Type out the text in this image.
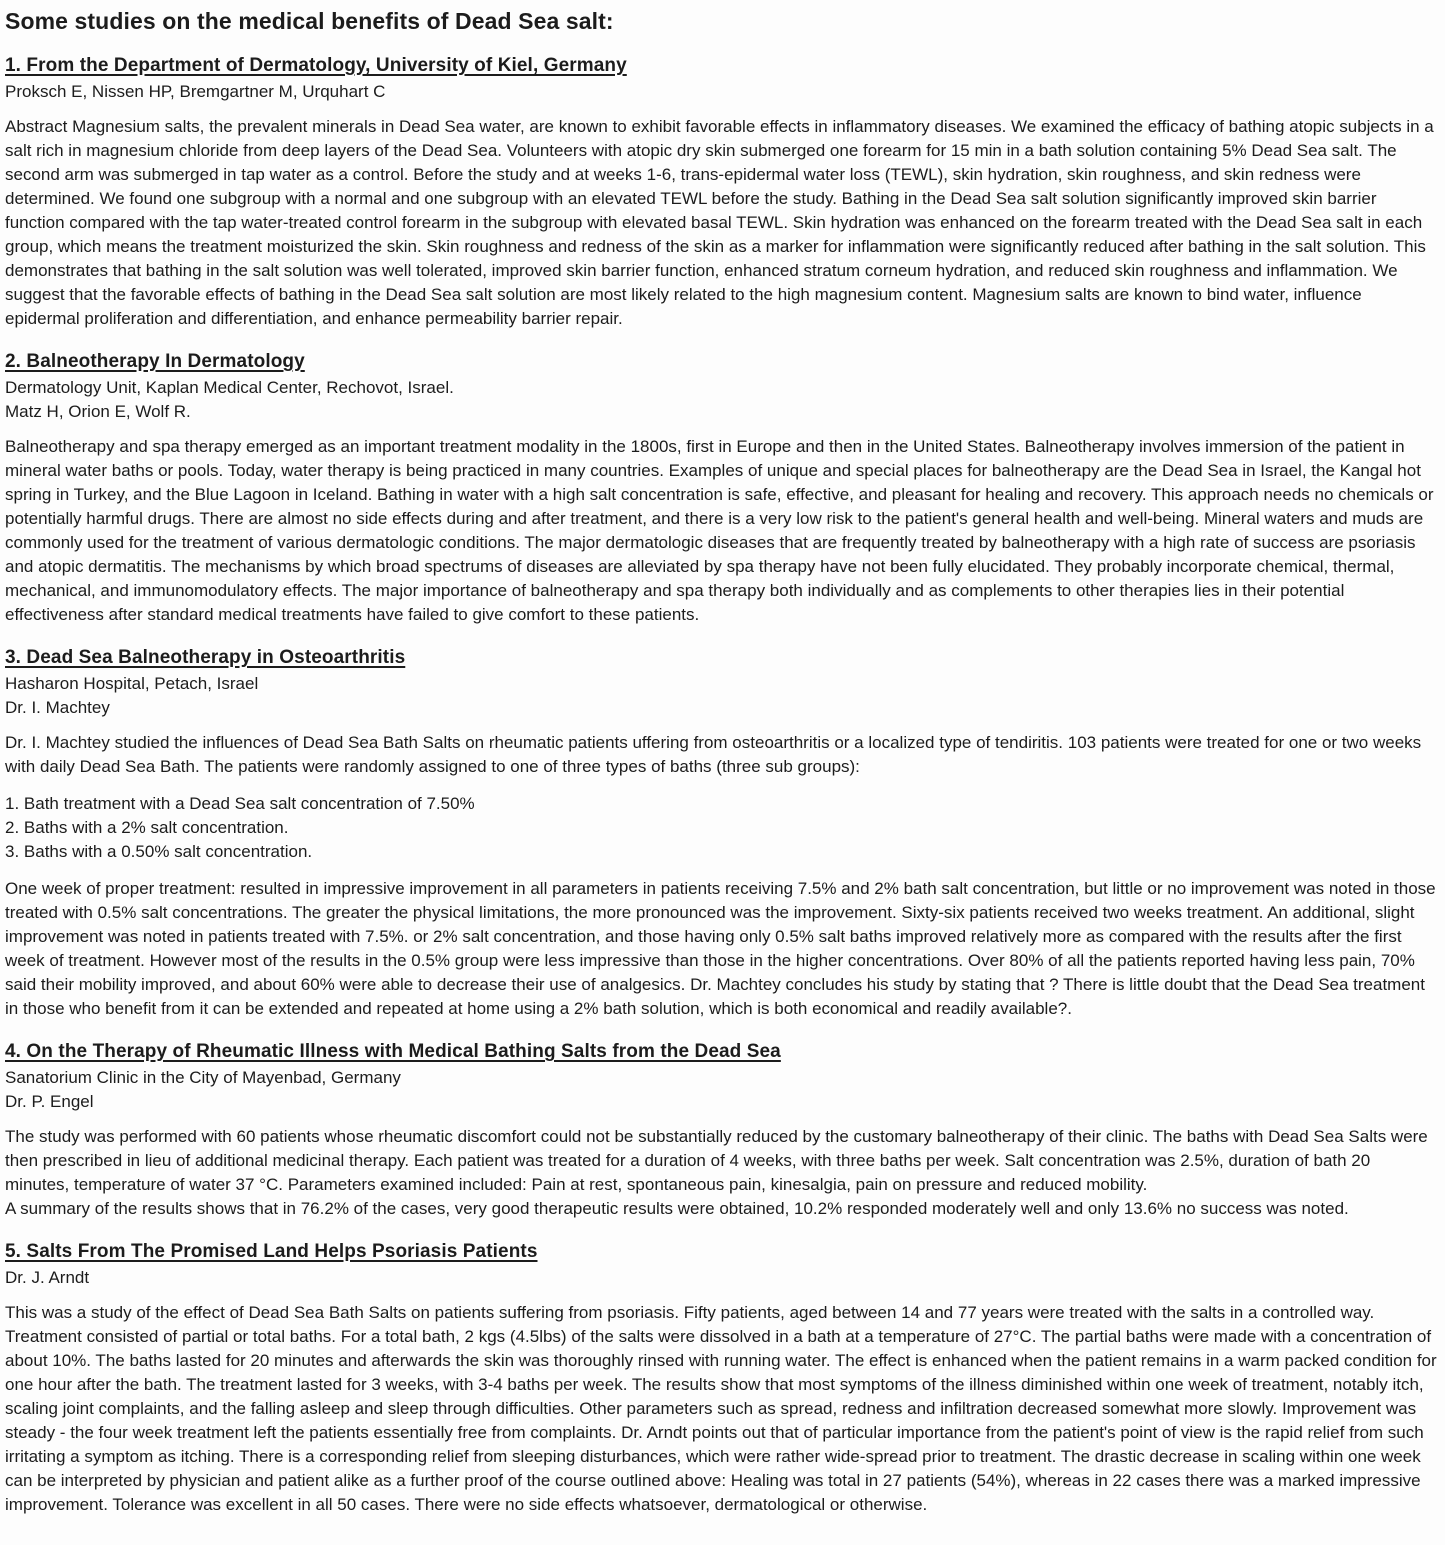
Some studies on the medical benefits of Dead Sea salt:
1. From the Department of Dermatology, University of Kiel, Germany
Proksch E, Nissen HP, Bremgartner M, Urquhart C

Abstract Magnesium salts, the prevalent minerals in Dead Sea water, are known to exhibit favorable effects in inflammatory diseases. We examined the efficacy of bathing atopic subjects in a salt rich in magnesium chloride from deep layers of the Dead Sea. Volunteers with atopic dry skin submerged one forearm for 15 min in a bath solution containing 5% Dead Sea salt. The second arm was submerged in tap water as a control. Before the study and at weeks 1-6, trans-epidermal water loss (TEWL), skin hydration, skin roughness, and skin redness were determined. We found one subgroup with a normal and one subgroup with an elevated TEWL before the study. Bathing in the Dead Sea salt solution significantly improved skin barrier function compared with the tap water-treated control forearm in the subgroup with elevated basal TEWL. Skin hydration was enhanced on the forearm treated with the Dead Sea salt in each group, which means the treatment moisturized the skin. Skin roughness and redness of the skin as a marker for inflammation were significantly reduced after bathing in the salt solution. This demonstrates that bathing in the salt solution was well tolerated, improved skin barrier function, enhanced stratum corneum hydration, and reduced skin roughness and inflammation. We suggest that the favorable effects of bathing in the Dead Sea salt solution are most likely related to the high magnesium content. Magnesium salts are known to bind water, influence epidermal proliferation and differentiation, and enhance permeability barrier repair.

2. Balneotherapy In Dermatology
Dermatology Unit, Kaplan Medical Center, Rechovot, Israel.
Matz H, Orion E, Wolf R.

Balneotherapy and spa therapy emerged as an important treatment modality in the 1800s, first in Europe and then in the United States. Balneotherapy involves immersion of the patient in mineral water baths or pools. Today, water therapy is being practiced in many countries. Examples of unique and special places for balneotherapy are the Dead Sea in Israel, the Kangal hot spring in Turkey, and the Blue Lagoon in Iceland. Bathing in water with a high salt concentration is safe, effective, and pleasant for healing and recovery. This approach needs no chemicals or potentially harmful drugs. There are almost no side effects during and after treatment, and there is a very low risk to the patient's general health and well-being. Mineral waters and muds are commonly used for the treatment of various dermatologic conditions. The major dermatologic diseases that are frequently treated by balneotherapy with a high rate of success are psoriasis and atopic dermatitis. The mechanisms by which broad spectrums of diseases are alleviated by spa therapy have not been fully elucidated. They probably incorporate chemical, thermal, mechanical, and immunomodulatory effects. The major importance of balneotherapy and spa therapy both individually and as complements to other therapies lies in their potential effectiveness after standard medical treatments have failed to give comfort to these patients.

3. Dead Sea Balneotherapy in Osteoarthritis
Hasharon Hospital, Petach, Israel
Dr. I. Machtey

Dr. I. Machtey studied the influences of Dead Sea Bath Salts on rheumatic patients uffering from osteoarthritis or a localized type of tendiritis. 103 patients were treated for one or two weeks with daily Dead Sea Bath. The patients were randomly assigned to one of three types of baths (three sub groups):

1. Bath treatment with a Dead Sea salt concentration of 7.50%
2. Baths with a 2% salt concentration.
3. Baths with a 0.50% salt concentration.

One week of proper treatment: resulted in impressive improvement in all parameters in patients receiving 7.5% and 2% bath salt concentration, but little or no improvement was noted in those treated with 0.5% salt concentrations. The greater the physical limitations, the more pronounced was the improvement. Sixty-six patients received two weeks treatment. An additional, slight improvement was noted in patients treated with 7.5%. or 2% salt concentration, and those having only 0.5% salt baths improved relatively more as compared with the results after the first week of treatment. However most of the results in the 0.5% group were less impressive than those in the higher concentrations. Over 80% of all the patients reported having less pain, 70% said their mobility improved, and about 60% were able to decrease their use of analgesics. Dr. Machtey concludes his study by stating that ? There is little doubt that the Dead Sea treatment in those who benefit from it can be extended and repeated at home using a 2% bath solution, which is both economical and readily available?.

4. On the Therapy of Rheumatic Illness with Medical Bathing Salts from the Dead Sea
Sanatorium Clinic in the City of Mayenbad, Germany
Dr. P. Engel

The study was performed with 60 patients whose rheumatic discomfort could not be substantially reduced by the customary balneotherapy of their clinic. The baths with Dead Sea Salts were then prescribed in lieu of additional medicinal therapy. Each patient was treated for a duration of 4 weeks, with three baths per week. Salt concentration was 2.5%, duration of bath 20 minutes, temperature of water 37 °C. Parameters examined included: Pain at rest, spontaneous pain, kinesalgia, pain on pressure and reduced mobility.

A summary of the results shows that in 76.2% of the cases, very good therapeutic results were obtained, 10.2% responded moderately well and only 13.6% no success was noted.

5. Salts From The Promised Land Helps Psoriasis Patients
Dr. J. Arndt

This was a study of the effect of Dead Sea Bath Salts on patients suffering from psoriasis. Fifty patients, aged between 14 and 77 years were treated with the salts in a controlled way. Treatment consisted of partial or total baths. For a total bath, 2 kgs (4.5lbs) of the salts were dissolved in a bath at a temperature of 27°C. The partial baths were made with a concentration of about 10%. The baths lasted for 20 minutes and afterwards the skin was thoroughly rinsed with running water. The effect is enhanced when the patient remains in a warm packed condition for one hour after the bath. The treatment lasted for 3 weeks, with 3-4 baths per week. The results show that most symptoms of the illness diminished within one week of treatment, notably itch, scaling joint complaints, and the falling asleep and sleep through difficulties. Other parameters such as spread, redness and infiltration decreased somewhat more slowly. Improvement was steady - the four week treatment left the patients essentially free from complaints. Dr. Arndt points out that of particular importance from the patient's point of view is the rapid relief from such irritating a symptom as itching. There is a corresponding relief from sleeping disturbances, which were rather wide-spread prior to treatment. The drastic decrease in scaling within one week can be interpreted by physician and patient alike as a further proof of the course outlined above: Healing was total in 27 patients (54%), whereas in 22 cases there was a marked impressive improvement. Tolerance was excellent in all 50 cases. There were no side effects whatsoever, dermatological or otherwise.
